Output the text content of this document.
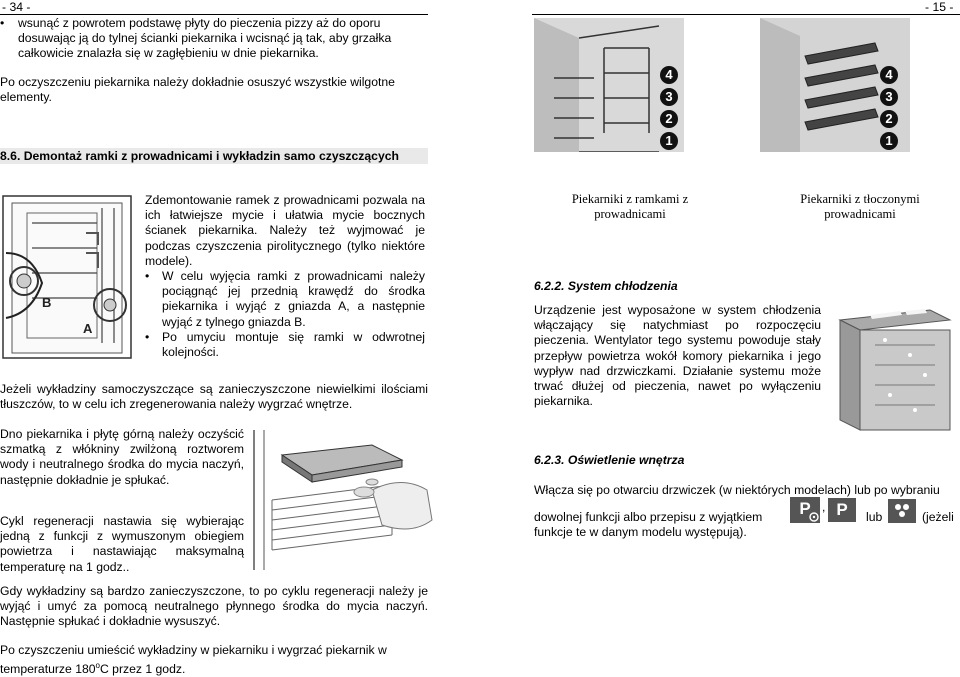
- 34 -
• wsunąć z powrotem podstawę płyty do pieczenia pizzy aż do oporu dosuwając ją do tylnej ścianki piekarnika i wcisnąć ją tak, aby grzałka całkowicie znalazła się w zagłębieniu w dnie piekarnika.
Po oczyszczeniu piekarnika należy dokładnie osuszyć wszystkie wilgotne elementy.
8.6. Demontaż ramki z prowadnicami i wykładzin samo czyszczących
B
A
Zdemontowanie ramek z prowadnicami pozwala na ich łatwiejsze mycie i ułatwia mycie bocznych ścianek piekarnika. Należy też wyjmować je podczas czyszczenia pirolitycznego (tylko niektóre modele).
• W celu wyjęcia ramki z prowadnicami należy pociągnąć jej przednią krawędź do środka piekarnika i wyjąć z gniazda A, a następnie wyjąć z tylnego gniazda B.
• Po umyciu montuje się ramki w odwrotnej kolejności.
Jeżeli wykładziny samoczyszczące są zanieczyszczone niewielkimi ilościami tłuszczów, to w celu ich zregenerowania należy wygrzać wnętrze.
Dno piekarnika i płytę górną należy oczyścić szmatką z włókniny zwilżoną roztworem wody i neutralnego środka do mycia naczyń, następnie dokładnie je spłukać.
Cykl regeneracji nastawia się wybierając jedną z funkcji z wymuszonym obiegiem powietrza i nastawiając maksymalną temperaturę na 1 godz..
Gdy wykładziny są bardzo zanieczyszczone, to po cyklu regeneracji należy je wyjąć i umyć za pomocą neutralnego płynnego środka do mycia naczyń. Następnie spłukać i dokładnie wysuszyć.
Po czyszczeniu umieścić wykładziny w piekarniku i wygrzać piekarnik w temperaturze 180$^o$C przez 1 godz.
- 15 -
4
3
2
1
4
3
2
1
Piekarniki z ramkami z prowadnicami
Piekarniki z tłoczonymi prowadnicami
6.2.2. System chłodzenia
Urządzenie jest wyposażone w system chłodzenia włączający się natychmiast po rozpoczęciu pieczenia. Wentylator tego systemu powoduje stały przepływ powietrza wokół komory piekarnika i jego wypływ nad drzwiczkami. Działanie systemu może trwać dłużej od pieczenia, nawet po wyłączeniu piekarnika.
6.2.3. Oświetlenie wnętrza
Włącza się po otwarciu drzwiczek (w niektórych modelach) lub po wybraniu
dowolnej funkcji albo przepisu z wyjątkiem	P , P	lub	(jeżeli
funkcje te w danym modelu występują).
